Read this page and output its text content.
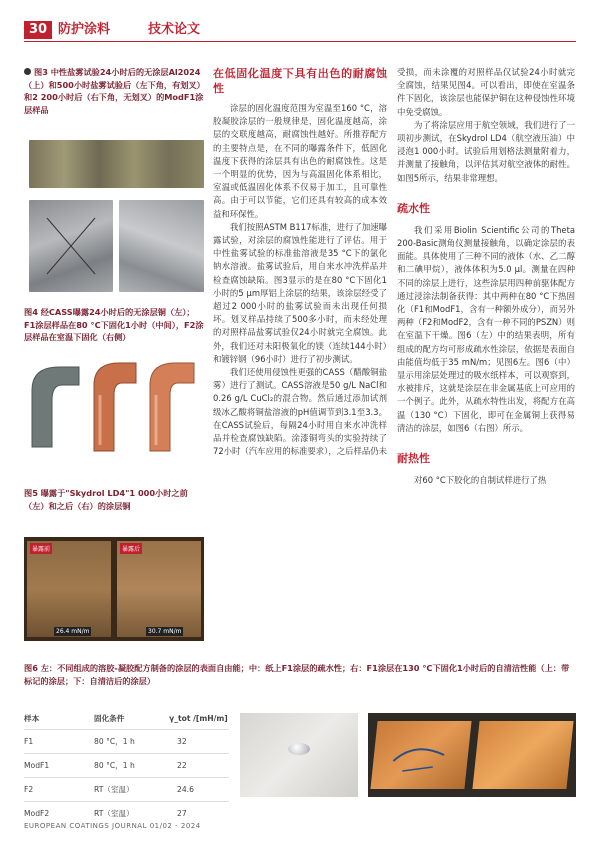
30 防护涂料	技术论文
图3 中性盐雾试验24小时后的无涂层Al2024（上）和500小时盐雾试验后（左下角，有划叉）和2 200小时后（右下角，无划叉）的ModF1涂层样品
图4 经CASS曝露24小时后的无涂层铜（左）；F1涂层样品在80 °C下固化1小时（中间），F2涂层样品在室温下固化（右侧）
图5 曝露于"Skydrol LD4"1 000小时之前（左）和之后（右）的涂层铜
暴露前	暴露后
26.4 mN/m	30.7 mN/m

在低固化温度下具有出色的耐腐蚀性

涂层的固化温度范围为室温至160 °C，溶胶凝胶涂层的一般规律是，固化温度越高，涂层的交联度越高，耐腐蚀性越好。所推荐配方的主要特点是，在不同的曝露条件下，低固化温度下获得的涂层具有出色的耐腐蚀性。这是一个明显的优势，因为与高温固化体系相比，室温或低温固化体系不仅易于加工，且可靠性高。由于可以节能，它们还具有较高的成本效益和环保性。

我们按照ASTM B117标准，进行了加速曝露试验，对涂层的腐蚀性能进行了评估。用于中性盐雾试验的标准盐溶液是35 °C下的氯化钠水溶液。盐雾试验后，用自来水冲洗样品并检查腐蚀缺陷。图3显示的是在80 °C下固化1小时的5 μm厚铝上涂层的结果，该涂层经受了超过2 000小时的盐雾试验而未出现任何损坏。划叉样品持续了500多小时，而未经处理的对照样品盐雾试验仅24小时就完全腐蚀。此外，我们还对未阳极氧化的镁（连续144小时）和镀锌钢（96小时）进行了初步测试。

我们还使用侵蚀性更强的CASS（醋酸铜盐雾）进行了测试。CASS溶液是50 g/L NaCl和0.26 g/L CuCl₂的混合物。然后通过添加试剂级冰乙酸将铜盐溶液的pH值调节到3.1至3.3。在CASS试验后，每隔24小时用自来水冲洗样品并检查腐蚀缺陷。涂漆铜弯头的实验持续了72小时（汽车应用的标准要求），之后样品仍未

受损，而未涂覆的对照样品仅试验24小时就完全腐蚀，结果见图4。可以看出，即使在室温条件下固化，该涂层也能保护铜在这种侵蚀性环境中免受腐蚀。

为了将涂层应用于航空领域，我们进行了一项初步测试，在Skydrol LD4（航空液压油）中浸泡1 000小时。试验后用划格法测量附着力，并测量了接触角，以评估其对航空液体的耐性。如图5所示，结果非常理想。

疏水性

我们采用Biolin Scientific公司的Theta 200-Basic测角仪测量接触角，以确定涂层的表面能。具体使用了三种不同的液体（水、乙二醇和二碘甲烷），液体体积为5.0 μl。测量在四种不同的涂层上进行，这些涂层用四种前驱体配方通过浸涂法制备获得：其中两种在80 °C下热固化（F1和ModF1，含有一种额外成分），而另外两种（F2和ModF2，含有一种不同的PSZN）则在室温下干燥。图6（左）中的结果表明，所有组成的配方均可形成疏水性涂层，依据是表面自由能值均低于35 mN/m；见图6左。图6（中）显示用涂层处理过的吸水纸样本，可以观察到，水被排斥，这就是涂层在非金属基底上可应用的一个例子。此外，从疏水特性出发，将配方在高温（130 °C）下固化，即可在金属铜上获得易清洁的涂层，如图6（右图）所示。

耐热性

对60 °C下胶化的自制试样进行了热

图6 左：不同组成的溶胶-凝胶配方制备的涂层的表面自由能；中：纸上F1涂层的疏水性；右：F1涂层在130 °C下固化1小时后的自清洁性能（上：带标记的涂层；下：自清洁后的涂层）
样本	固化条件	γ_tot /[mH/m]
F1	80 °C，1 h	32
ModF1	80 °C，1 h	22
F2	RT（室温）	24.6
ModF2	RT（室温）	27
EUROPEAN COATINGS JOURNAL 01/02 - 2024
